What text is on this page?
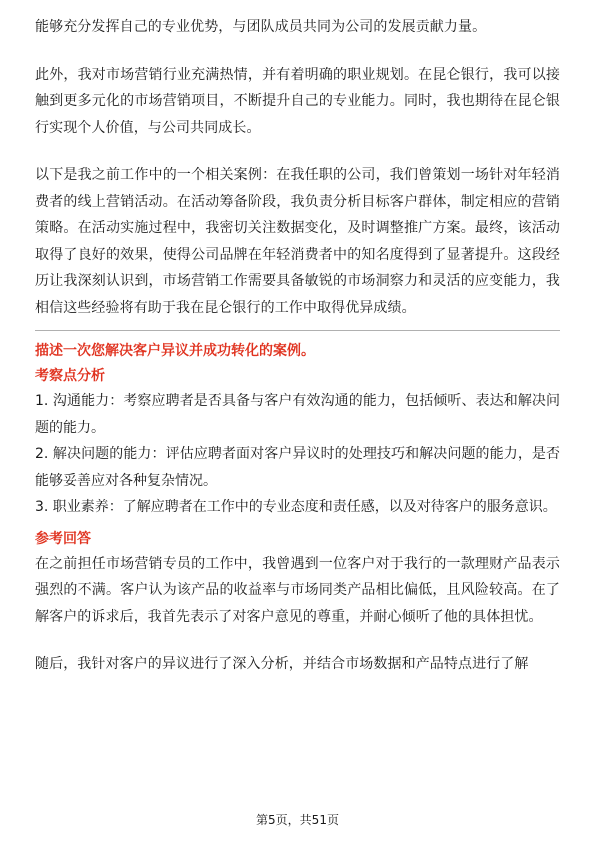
能够充分发挥自己的专业优势，与团队成员共同为公司的发展贡献力量。

此外，我对市场营销行业充满热情，并有着明确的职业规划。在昆仑银行，我可以接触到更多元化的市场营销项目，不断提升自己的专业能力。同时，我也期待在昆仑银行实现个人价值，与公司共同成长。

以下是我之前工作中的一个相关案例：在我任职的公司，我们曾策划一场针对年轻消费者的线上营销活动。在活动筹备阶段，我负责分析目标客户群体，制定相应的营销策略。在活动实施过程中，我密切关注数据变化，及时调整推广方案。最终，该活动取得了良好的效果，使得公司品牌在年轻消费者中的知名度得到了显著提升。这段经历让我深刻认识到，市场营销工作需要具备敏锐的市场洞察力和灵活的应变能力，我相信这些经验将有助于我在昆仑银行的工作中取得优异成绩。

描述一次您解决客户异议并成功转化的案例。

考察点分析

1. 沟通能力：考察应聘者是否具备与客户有效沟通的能力，包括倾听、表达和解决问题的能力。

2. 解决问题的能力：评估应聘者面对客户异议时的处理技巧和解决问题的能力，是否能够妥善应对各种复杂情况。

3. 职业素养：了解应聘者在工作中的专业态度和责任感，以及对待客户的服务意识。

参考回答

在之前担任市场营销专员的工作中，我曾遇到一位客户对于我行的一款理财产品表示强烈的不满。客户认为该产品的收益率与市场同类产品相比偏低，且风险较高。在了解客户的诉求后，我首先表示了对客户意见的尊重，并耐心倾听了他的具体担忧。

随后，我针对客户的异议进行了深入分析，并结合市场数据和产品特点进行了解

第5页，共51页
